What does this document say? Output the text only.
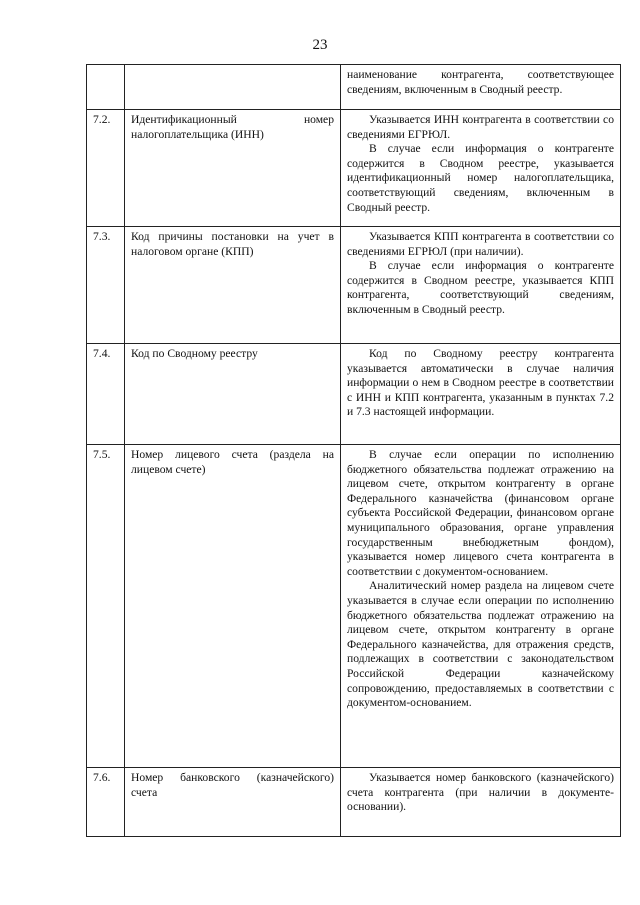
23

		наименование контрагента, соответствующее сведениям, включенным в Сводный реестр.

7.2.	Идентификационный номер налогоплательщика (ИНН)	Указывается ИНН контрагента в соответствии со сведениями ЕГРЮЛ.

В случае если информация о контрагенте содержится в Сводном реестре, указывается идентификационный номер налогоплательщика, соответствующий сведениям, включенным в Сводный реестр.

7.3.	Код причины постановки на учет в налоговом органе (КПП)	Указывается КПП контрагента в соответствии со сведениями ЕГРЮЛ (при наличии).

В случае если информация о контрагенте содержится в Сводном реестре, указывается КПП контрагента, соответствующий сведениям, включенным в Сводный реестр.

7.4.	Код по Сводному реестру	Код по Сводному реестру контрагента указывается автоматически в случае наличия информации о нем в Сводном реестре в соответствии с ИНН и КПП контрагента, указанным в пунктах 7.2 и 7.3 настоящей информации.

7.5.	Номер лицевого счета (раздела на лицевом счете)	В случае если операции по исполнению бюджетного обязательства подлежат отражению на лицевом счете, открытом контрагенту в органе Федерального казначейства (финансовом органе субъекта Российской Федерации, финансовом органе муниципального образования, органе управления государственным внебюджетным фондом), указывается номер лицевого счета контрагента в соответствии с документом-основанием.

Аналитический номер раздела на лицевом счете указывается в случае если операции по исполнению бюджетного обязательства подлежат отражению на лицевом счете, открытом контрагенту в органе Федерального казначейства, для отражения средств, подлежащих в соответствии с законодательством Российской Федерации казначейскому сопровождению, предоставляемых в соответствии с документом-основанием.

7.6.	Номер банковского (казначейского) счета	Указывается номер банковского (казначейского) счета контрагента (при наличии в документе-основании).
